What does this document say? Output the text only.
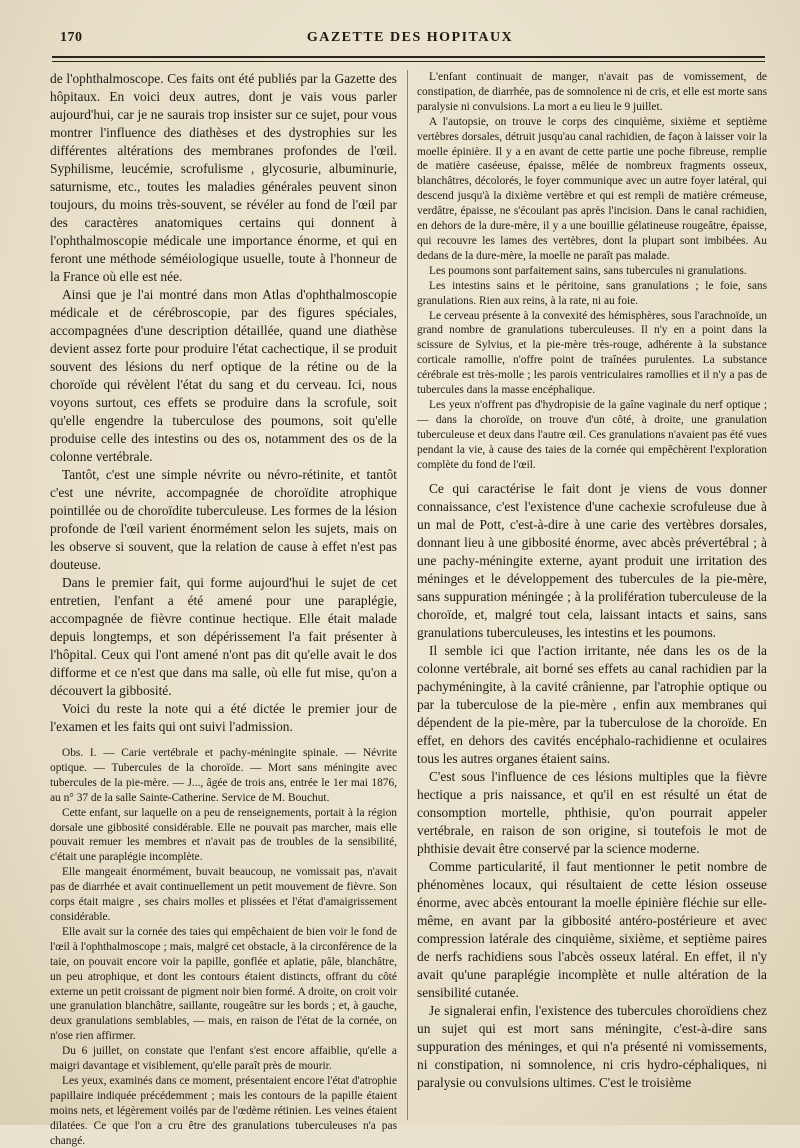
170	GAZETTE DES HOPITAUX

de l'ophthalmoscope. Ces faits ont été publiés par la Gazette des hôpitaux. En voici deux autres, dont je vais vous parler aujourd'hui, car je ne saurais trop insister sur ce sujet, pour vous montrer l'influence des diathèses et des dystrophies sur les différentes altérations des membranes profondes de l'œil. Syphilisme, leucémie, scrofulisme , glycosurie, albuminurie, saturnisme, etc., toutes les maladies générales peuvent sinon toujours, du moins très-souvent, se révéler au fond de l'œil par des caractères anatomiques certains qui donnent à l'ophthalmoscopie médicale une importance énorme, et qui en feront une méthode séméiologique usuelle, toute à l'honneur de la France où elle est née.

Ainsi que je l'ai montré dans mon Atlas d'ophthalmoscopie médicale et de cérébroscopie, par des figures spéciales, accompagnées d'une description détaillée, quand une diathèse devient assez forte pour produire l'état cachectique, il se produit souvent des lésions du nerf optique de la rétine ou de la choroïde qui révèlent l'état du sang et du cerveau. Ici, nous voyons surtout, ces effets se produire dans la scrofule, soit qu'elle engendre la tuberculose des poumons, soit qu'elle produise celle des intestins ou des os, notamment des os de la colonne vertébrale.

Tantôt, c'est une simple névrite ou névro-rétinite, et tantôt c'est une névrite, accompagnée de choroïdite atrophique pointillée ou de choroïdite tuberculeuse. Les formes de la lésion profonde de l'œil varient énormément selon les sujets, mais on les observe si souvent, que la relation de cause à effet n'est pas douteuse.

Dans le premier fait, qui forme aujourd'hui le sujet de cet entretien, l'enfant a été amené pour une paraplégie, accompagnée de fièvre continue hectique. Elle était malade depuis longtemps, et son dépérissement l'a fait présenter à l'hôpital. Ceux qui l'ont amené n'ont pas dit qu'elle avait le dos difforme et ce n'est que dans ma salle, où elle fut mise, qu'on a découvert la gibbosité.

Voici du reste la note qui a été dictée le premier jour de l'examen et les faits qui ont suivi l'admission.

Obs. I. — Carie vertébrale et pachy-méningite spinale. — Névrite optique. — Tubercules de la choroïde. — Mort sans méningite avec tubercules de la pie-mère. — J..., âgée de trois ans, entrée le 1er mai 1876, au n° 37 de la salle Sainte-Catherine. Service de M. Bouchut.

Cette enfant, sur laquelle on a peu de renseignements, portait à la région dorsale une gibbosité considérable. Elle ne pouvait pas marcher, mais elle pouvait remuer les membres et n'avait pas de troubles de la sensibilité, c'était une paraplégie incomplète.

Elle mangeait énormément, buvait beaucoup, ne vomissait pas, n'avait pas de diarrhée et avait continuellement un petit mouvement de fièvre. Son corps était maigre , ses chairs molles et plissées et l'état d'amaigrissement considérable.

Elle avait sur la cornée des taies qui empêchaient de bien voir le fond de l'œil à l'ophthalmoscope ; mais, malgré cet obstacle, à la circonférence de la taie, on pouvait encore voir la papille, gonflée et aplatie, pâle, blanchâtre, un peu atrophique, et dont les contours étaient distincts, offrant du côté externe un petit croissant de pigment noir bien formé. A droite, on croit voir une granulation blanchâtre, saillante, rougeâtre sur les bords ; et, à gauche, deux granulations semblables, — mais, en raison de l'état de la cornée, on n'ose rien affirmer.

Du 6 juillet, on constate que l'enfant s'est encore affaiblie, qu'elle a maigri davantage et visiblement, qu'elle paraît près de mourir.

Les yeux, examinés dans ce moment, présentaient encore l'état d'atrophie papillaire indiquée précédemment ; mais les contours de la papille étaient moins nets, et légèrement voilés par de l'œdème rétinien. Les veines étaient dilatées. Ce que l'on a cru être des granulations tuberculeuses n'a pas changé.

L'enfant continuait de manger, n'avait pas de vomissement, de constipation, de diarrhée, pas de somnolence ni de cris, et elle est morte sans paralysie ni convulsions. La mort a eu lieu le 9 juillet.

A l'autopsie, on trouve le corps des cinquième, sixième et septième vertèbres dorsales, détruit jusqu'au canal rachidien, de façon à laisser voir la moelle épinière. Il y a en avant de cette partie une poche fibreuse, remplie de matière caséeuse, épaisse, mêlée de nombreux fragments osseux, blanchâtres, décolorés, le foyer communique avec un autre foyer latéral, qui descend jusqu'à la dixième vertèbre et qui est rempli de matière crémeuse, verdâtre, épaisse, ne s'écoulant pas après l'incision. Dans le canal rachidien, en dehors de la dure-mère, il y a une bouillie gélatineuse rougeâtre, épaisse, qui recouvre les lames des vertèbres, dont la plupart sont imbibées. Au dedans de la dure-mère, la moelle ne paraît pas malade.

Les poumons sont parfaitement sains, sans tubercules ni granulations.

Les intestins sains et le péritoine, sans granulations ; le foie, sans granulations. Rien aux reins, à la rate, ni au foie.

Le cerveau présente à la convexité des hémisphères, sous l'arachnoïde, un grand nombre de granulations tuberculeuses. Il n'y en a point dans la scissure de Sylvius, et la pie-mère très-rouge, adhérente à la substance corticale ramollie, n'offre point de traînées purulentes. La substance cérébrale est très-molle ; les parois ventriculaires ramollies et il n'y a pas de tubercules dans la masse encéphalique.

Les yeux n'offrent pas d'hydropisie de la gaîne vaginale du nerf optique ; — dans la choroïde, on trouve d'un côté, à droite, une granulation tuberculeuse et deux dans l'autre œil. Ces granulations n'avaient pas été vues pendant la vie, à cause des taies de la cornée qui empêchèrent l'exploration complète du fond de l'œil.

Ce qui caractérise le fait dont je viens de vous donner connaissance, c'est l'existence d'une cachexie scrofuleuse due à un mal de Pott, c'est-à-dire à une carie des vertèbres dorsales, donnant lieu à une gibbosité énorme, avec abcès prévertébral ; à une pachy-méningite externe, ayant produit une irritation des méninges et le développement des tubercules de la pie-mère, sans suppuration méningée ; à la prolifération tuberculeuse de la choroïde, et, malgré tout cela, laissant intacts et sains, sans granulations tuberculeuses, les intestins et les poumons.

Il semble ici que l'action irritante, née dans les os de la colonne vertébrale, ait borné ses effets au canal rachidien par la pachyméningite, à la cavité crânienne, par l'atrophie optique ou par la tuberculose de la pie-mère , enfin aux membranes qui dépendent de la pie-mère, par la tuberculose de la choroïde. En effet, en dehors des cavités encéphalo-rachidienne et oculaires tous les autres organes étaient sains.

C'est sous l'influence de ces lésions multiples que la fièvre hectique a pris naissance, et qu'il en est résulté un état de consomption mortelle, phthisie, qu'on pourrait appeler vertébrale, en raison de son origine, si toutefois le mot de phthisie devait être conservé par la science moderne.

Comme particularité, il faut mentionner le petit nombre de phénomènes locaux, qui résultaient de cette lésion osseuse énorme, avec abcès entourant la moelle épinière fléchie sur elle-même, en avant par la gibbosité antéro-postérieure et avec compression latérale des cinquième, sixième, et septième paires de nerfs rachidiens sous l'abcès osseux latéral. En effet, il n'y avait qu'une paraplégie incomplète et nulle altération de la sensibilité cutanée.

Je signalerai enfin, l'existence des tubercules choroïdiens chez un sujet qui est mort sans méningite, c'est-à-dire sans suppuration des méninges, et qui n'a présenté ni vomissements, ni constipation, ni somnolence, ni cris hydro-céphaliques, ni paralysie ou convulsions ultimes. C'est le troisième
